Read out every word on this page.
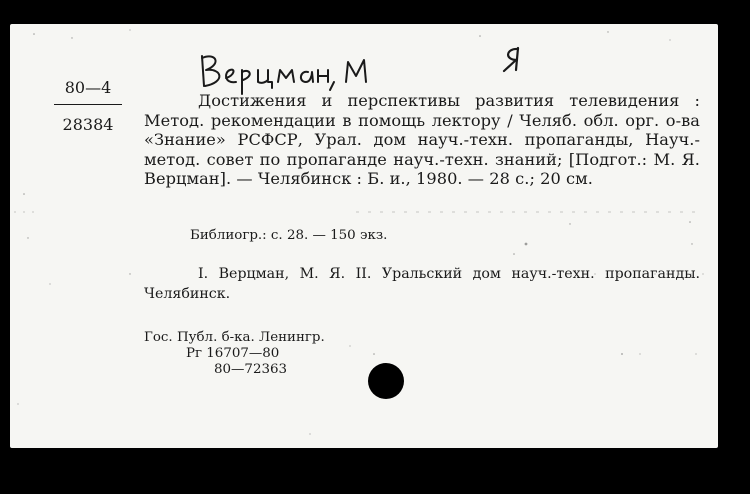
80—4
28384
Достижения и перспективы развития телевидения : Метод. рекомендации в помощь лектору / Челяб. обл. орг. о-ва «Знание» РСФСР, Урал. дом науч.-техн. пропаганды, Науч.-метод. совет по пропаганде науч.-техн. знаний; [Подгот.: М. Я. Верцман]. — Челябинск : Б. и., 1980. — 28 с.; 20 см.
Библиогр.: с. 28. — 150 экз.
I. Верцман, М. Я. II. Уральский дом науч.-техн. пропаганды. Челябинск.
Гос. Публ. б-ка. Ленингр.
Рг 16707—80
80—72363
